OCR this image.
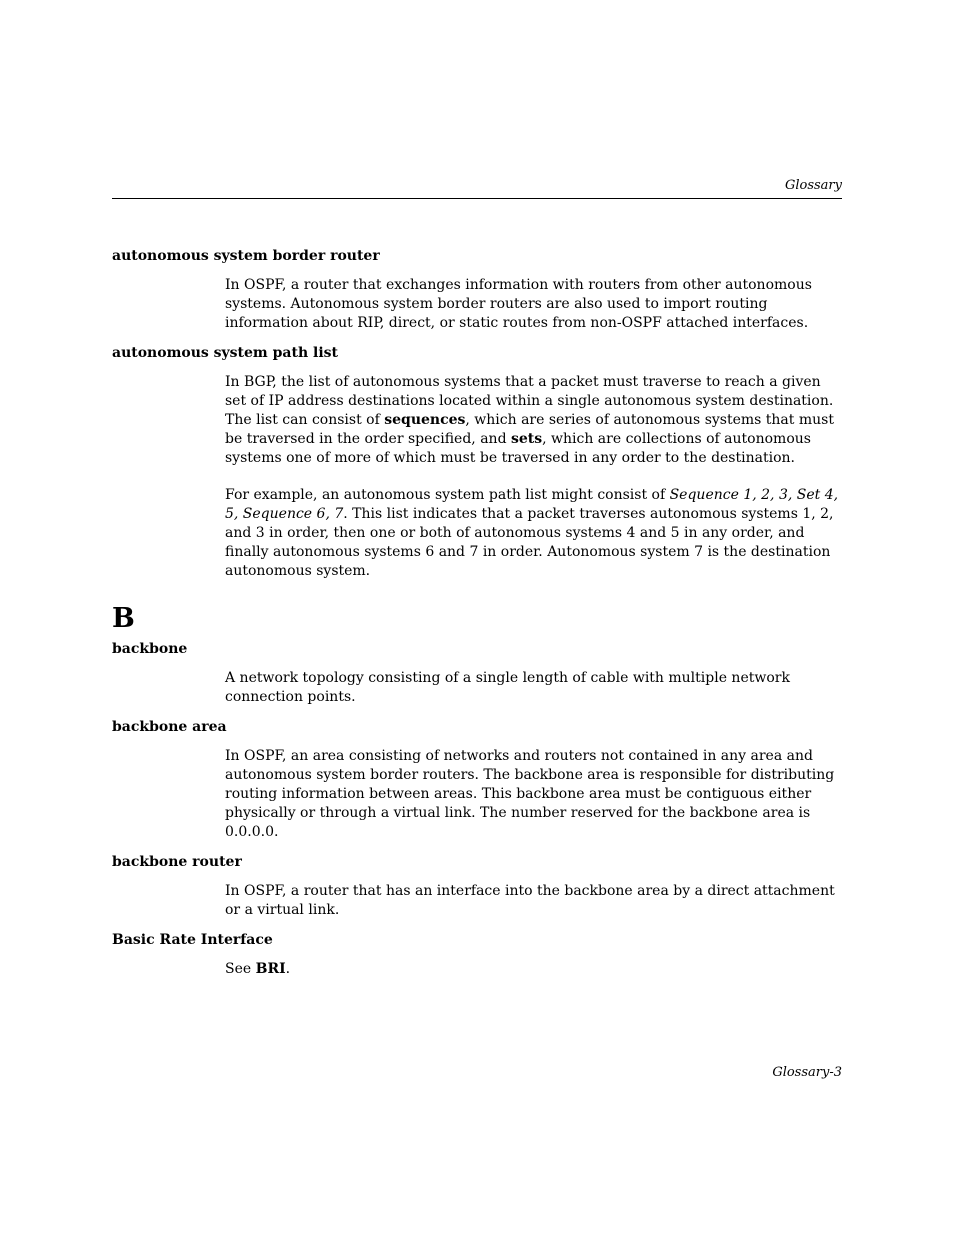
Glossary
autonomous system border router

In OSPF, a router that exchanges information with routers from other autonomous systems. Autonomous system border routers are also used to import routing information about RIP, direct, or static routes from non-OSPF attached interfaces.

autonomous system path list

In BGP, the list of autonomous systems that a packet must traverse to reach a given set of IP address destinations located within a single autonomous system destination. The list can consist of sequences, which are series of autonomous systems that must be traversed in the order specified, and sets, which are collections of autonomous systems one of more of which must be traversed in any order to the destination.

For example, an autonomous system path list might consist of Sequence 1, 2, 3, Set 4, 5, Sequence 6, 7. This list indicates that a packet traverses autonomous systems 1, 2, and 3 in order, then one or both of autonomous systems 4 and 5 in any order, and finally autonomous systems 6 and 7 in order. Autonomous system 7 is the destination autonomous system.

B
backbone

A network topology consisting of a single length of cable with multiple network connection points.

backbone area

In OSPF, an area consisting of networks and routers not contained in any area and autonomous system border routers. The backbone area is responsible for distributing routing information between areas. This backbone area must be contiguous either physically or through a virtual link. The number reserved for the backbone area is 0.0.0.0.

backbone router

In OSPF, a router that has an interface into the backbone area by a direct attachment or a virtual link.

Basic Rate Interface

See BRI.

Glossary-3
